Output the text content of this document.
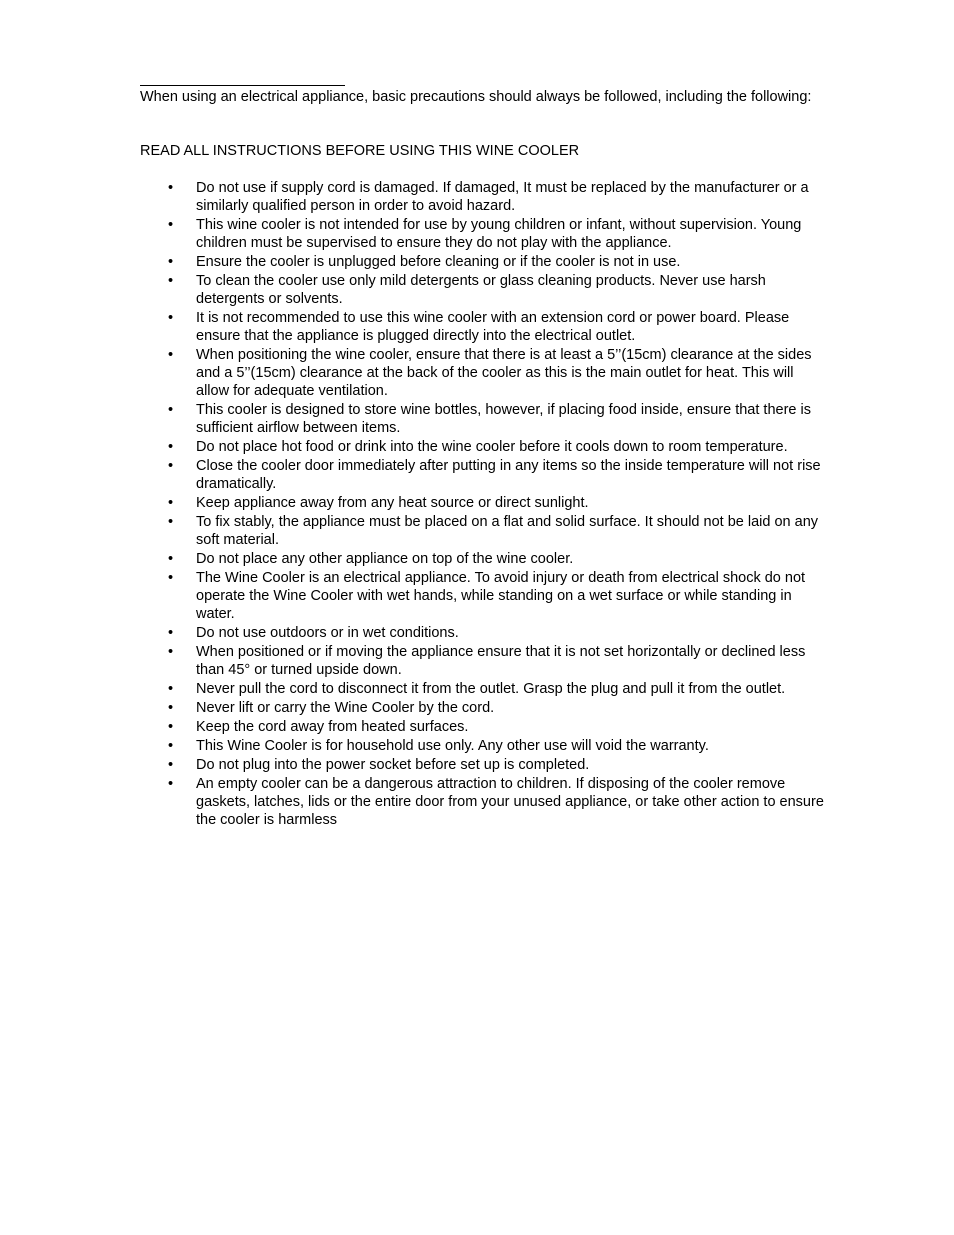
When using an electrical appliance, basic precautions should always be followed, including the following:

READ ALL INSTRUCTIONS BEFORE USING THIS WINE COOLER

• Do not use if supply cord is damaged. If damaged, It must be replaced by the manufacturer or a similarly qualified person in order to avoid hazard.
• This wine cooler is not intended for use by young children or infant, without supervision. Young children must be supervised to ensure they do not play with the appliance.
• Ensure the cooler is unplugged before cleaning or if the cooler is not in use.
• To clean the cooler use only mild detergents or glass cleaning products. Never use harsh detergents or solvents.
• It is not recommended to use this wine cooler with an extension cord or power board. Please ensure that the appliance is plugged directly into the electrical outlet.
• When positioning the wine cooler, ensure that there is at least a 5’’(15cm) clearance at the sides and a 5’’(15cm) clearance at the back of the cooler as this is the main outlet for heat. This will allow for adequate ventilation.
• This cooler is designed to store wine bottles, however, if placing food inside, ensure that there is sufficient airflow between items.
• Do not place hot food or drink into the wine cooler before it cools down to room temperature.
• Close the cooler door immediately after putting in any items so the inside temperature will not rise dramatically.
• Keep appliance away from any heat source or direct sunlight.
• To fix stably, the appliance must be placed on a flat and solid surface. It should not be laid on any soft material.
• Do not place any other appliance on top of the wine cooler.
• The Wine Cooler is an electrical appliance. To avoid injury or death from electrical shock do not operate the Wine Cooler with wet hands, while standing on a wet surface or while standing in water.
• Do not use outdoors or in wet conditions.
• When positioned or if moving the appliance ensure that it is not set horizontally or declined less than 45° or turned upside down.
• Never pull the cord to disconnect it from the outlet. Grasp the plug and pull it from the outlet.
• Never lift or carry the Wine Cooler by the cord.
• Keep the cord away from heated surfaces.
• This Wine Cooler is for household use only. Any other use will void the warranty.
• Do not plug into the power socket before set up is completed.
• An empty cooler can be a dangerous attraction to children. If disposing of the cooler remove gaskets, latches, lids or the entire door from your unused appliance, or take other action to ensure the cooler is harmless
